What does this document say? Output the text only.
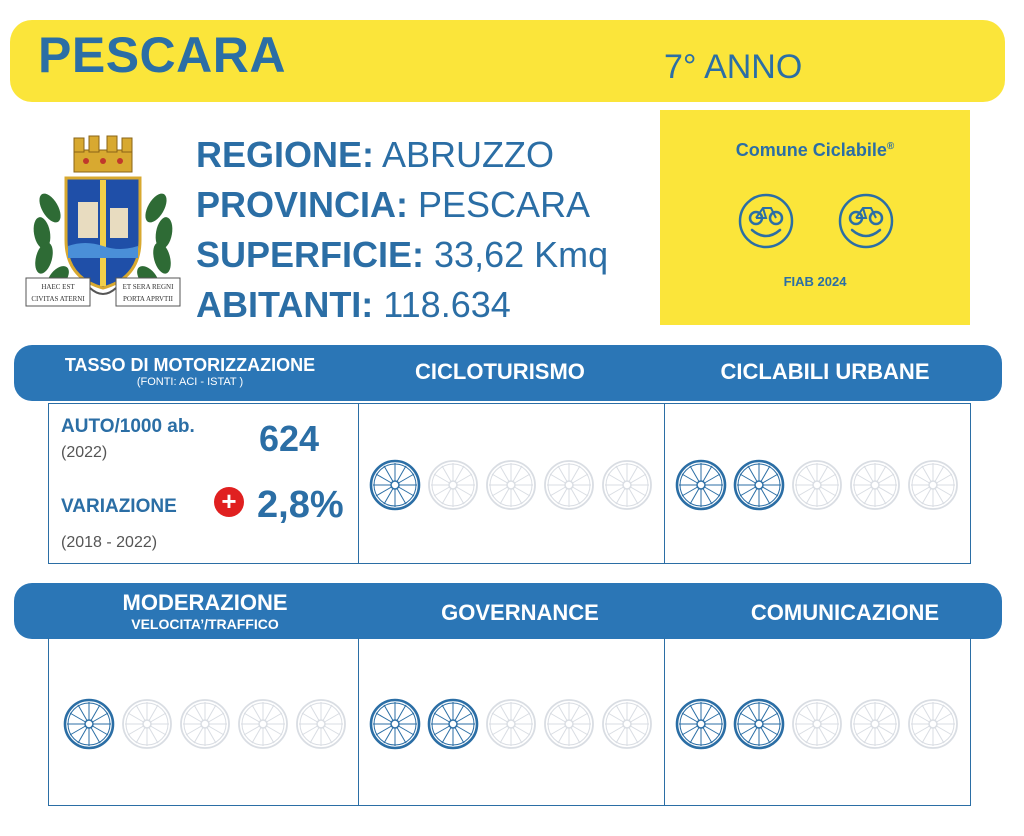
PESCARA	7° ANNO
HAEC EST
CIVITAS ATERNI
ET SERA REGNI
PORTA APRVTII
REGIONE: ABRUZZO
PROVINCIA: PESCARA
SUPERFICIE: 33,62 Kmq
ABITANTI: 118.634
Comune Ciclabile®
FIAB 2024
TASSO DI MOTORIZZAZIONE
(FONTI: ACI - ISTAT )	CICLOTURISMO	CICLABILI URBANE
AUTO/1000 ab.
(2022)	624
VARIAZIONE + 2,8%
(2018 - 2022)
MODERAZIONE
VELOCITA’/TRAFFICO	GOVERNANCE	COMUNICAZIONE
